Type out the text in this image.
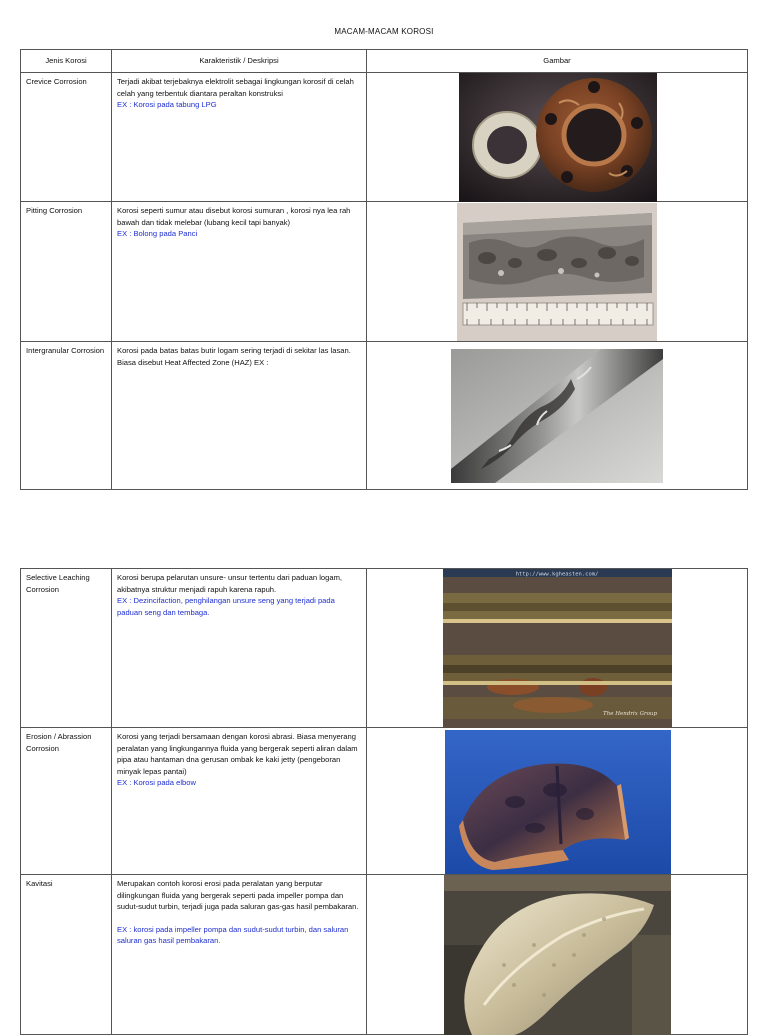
MACAM-MACAM KOROSI
Jenis Korosi	Karakteristik / Deskripsi	Gambar
Crevice Corrosion	Terjadi akibat terjebaknya elektrolit sebagai lingkungan korosif di celah celah yang terbentuk diantara peraltan konstruksi
EX : Korosi pada tabung LPG	

Pitting Corrosion	Korosi seperti sumur atau disebut korosi sumuran , korosi nya lea rah bawah dan tidak melebar (lubang kecil tapi banyak)
EX : Bolong pada Panci	

Intergranular Corrosion	Korosi pada batas batas butir logam sering terjadi di sekitar las lasan. Biasa disebut Heat Affected Zone (HAZ) EX :	
Selective Leaching Corrosion	Korosi berupa pelarutan unsure- unsur tertentu dari paduan logam, akibatnya struktur menjadi rapuh karena rapuh.
EX : Dezincifaction, penghilangan unsure seng yang terjadi pada paduan seng dan tembaga.	http://www.kgheasten.com/
The Hendrix Group

Erosion / Abrassion Corrosion	Korosi yang terjadi bersamaan dengan korosi abrasi. Biasa menyerang peralatan yang lingkungannya fluida yang bergerak seperti aliran dalam pipa atau hantaman dna gerusan ombak ke kaki jetty (pengeboran minyak lepas pantai)
EX : Korosi pada elbow	

Kavitasi	Merupakan contoh korosi erosi pada peralatan yang berputar dilingkungan fluida yang bergerak seperti pada impeller pompa dan sudut-sudut turbin, terjadi juga pada saluran gas-gas hasil pembakaran.
EX : korosi pada impeller pompa dan sudut-sudut turbin, dan saluran saluran gas hasil pembakaran.	
